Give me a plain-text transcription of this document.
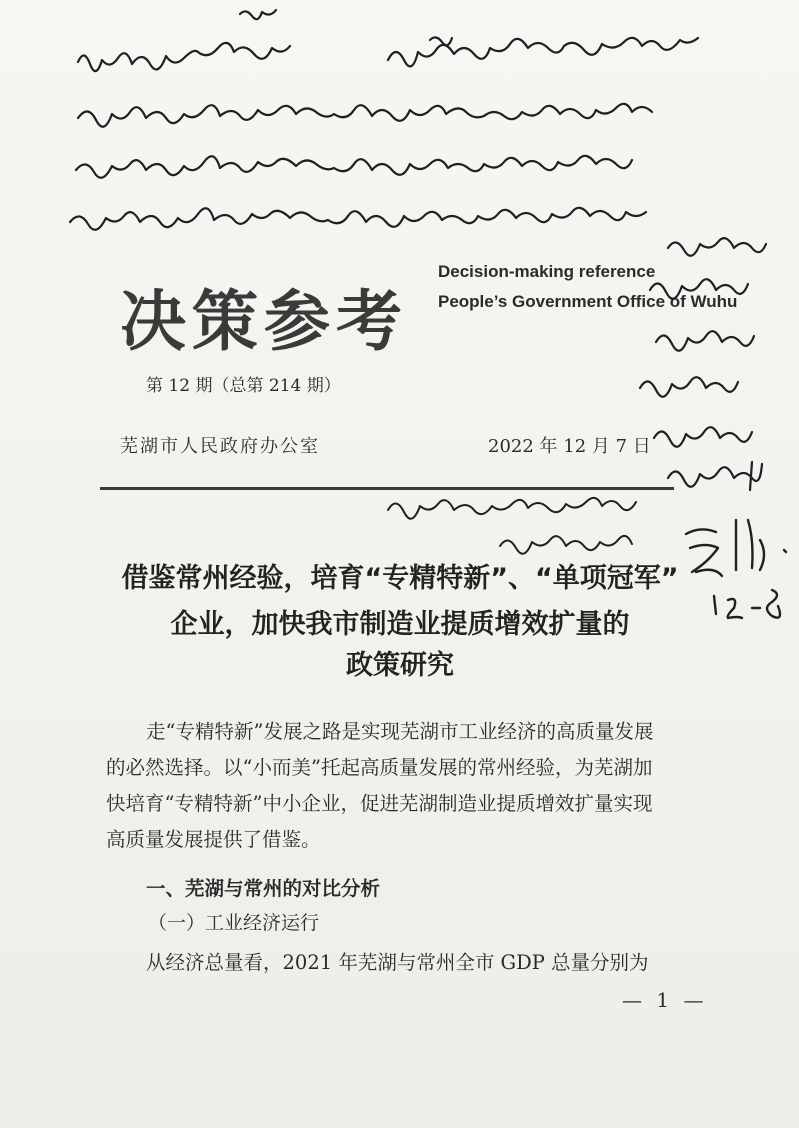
决策参考
Decision-making reference
People’s Government Office of Wuhu
第 12 期（总第 214 期）
芜湖市人民政府办公室	2022 年 12 月 7 日
借鉴常州经验，培育“专精特新”、“单项冠军”
企业，加快我市制造业提质增效扩量的
政策研究
走“专精特新”发展之路是实现芜湖市工业经济的高质量发展
的必然选择。以“小而美”托起高质量发展的常州经验，为芜湖加
快培育“专精特新”中小企业，促进芜湖制造业提质增效扩量实现
高质量发展提供了借鉴。
一、芜湖与常州的对比分析
（一）工业经济运行
从经济总量看，2021 年芜湖与常州全市 GDP 总量分别为
— 1 —
